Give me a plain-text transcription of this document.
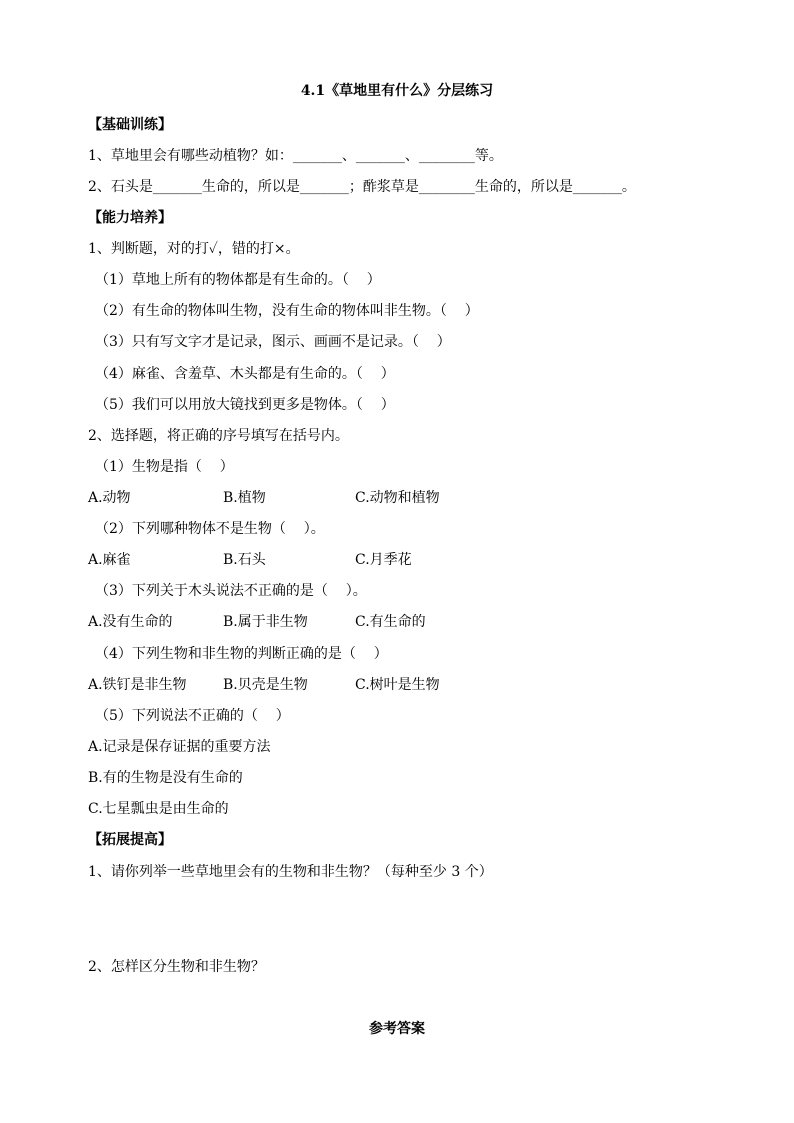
4.1《草地里有什么》分层练习
【基础训练】
1、草地里会有哪些动植物？如：_______、_______、________等。
2、石头是_______生命的，所以是_______；酢浆草是________生命的，所以是_______。
【能力培养】
1、判断题，对的打✓，错的打×。
（1）草地上所有的物体都是有生命的。（    ）
（2）有生命的物体叫生物，没有生命的物体叫非生物。（    ）
（3）只有写文字才是记录，图示、画画不是记录。（    ）
（4）麻雀、含羞草、木头都是有生命的。（    ）
（5）我们可以用放大镜找到更多是物体。（    ）
2、选择题，将正确的序号填写在括号内。
（1）生物是指（    ）
A.动物	B.植物	C.动物和植物
（2）下列哪种物体不是生物（    ）。
A.麻雀	B.石头	C.月季花
（3）下列关于木头说法不正确的是（    ）。
A.没有生命的	B.属于非生物	C.有生命的
（4）下列生物和非生物的判断正确的是（    ）
A.铁钉是非生物	B.贝壳是生物	C.树叶是生物
（5）下列说法不正确的（    ）
A.记录是保存证据的重要方法
B.有的生物是没有生命的
C.七星瓢虫是由生命的
【拓展提高】
1、请你列举一些草地里会有的生物和非生物？（每种至少 3 个）
2、怎样区分生物和非生物？
参考答案
